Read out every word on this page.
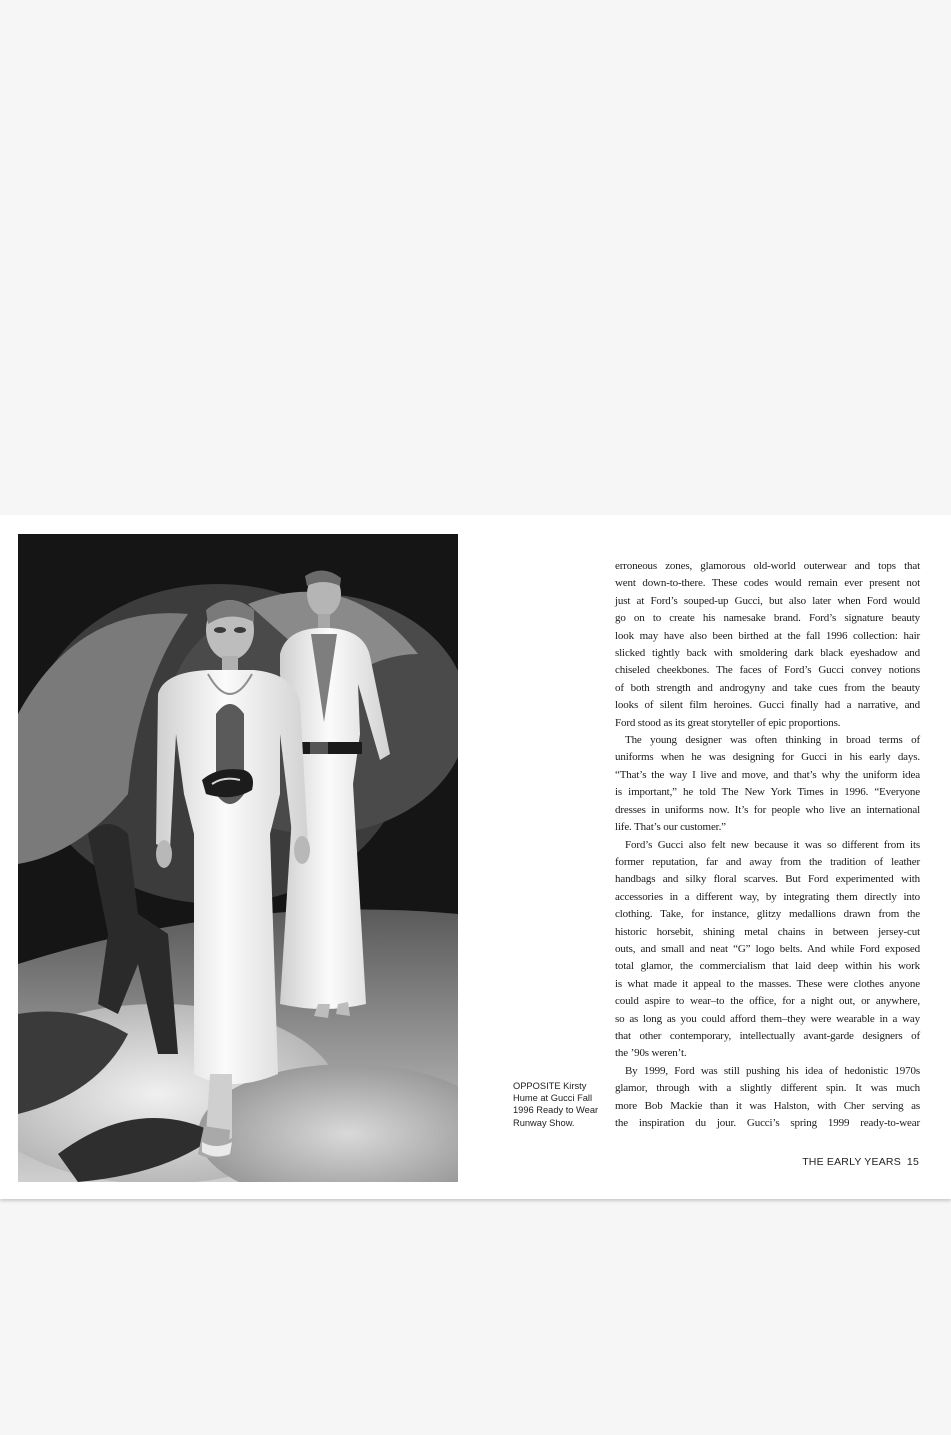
OPPOSITE Kirsty
Hume at Gucci Fall
1996 Ready to Wear
Runway Show.
erroneous zones, glamorous old-world outerwear and tops that
went down-to-there. These codes would remain ever present not
just at Ford’s souped-up Gucci, but also later when Ford would
go on to create his namesake brand. Ford’s signature beauty
look may have also been birthed at the fall 1996 collection: hair
slicked tightly back with smoldering dark black eyeshadow and
chiseled cheekbones. The faces of Ford’s Gucci convey notions
of both strength and androgyny and take cues from the beauty
looks of silent film heroines. Gucci finally had a narrative, and
Ford stood as its great storyteller of epic proportions.
The young designer was often thinking in broad terms of
uniforms when he was designing for Gucci in his early days.
“That’s the way I live and move, and that’s why the uniform idea
is important,” he told The New York Times in 1996. “Everyone
dresses in uniforms now. It’s for people who live an international
life. That’s our customer.”
Ford’s Gucci also felt new because it was so different from its
former reputation, far and away from the tradition of leather
handbags and silky floral scarves. But Ford experimented with
accessories in a different way, by integrating them directly into
clothing. Take, for instance, glitzy medallions drawn from the
historic horsebit, shining metal chains in between jersey-cut
outs, and small and neat “G” logo belts. And while Ford exposed
total glamor, the commercialism that laid deep within his work
is what made it appeal to the masses. These were clothes anyone
could aspire to wear–to the office, for a night out, or anywhere,
so as long as you could afford them–they were wearable in a way
that other contemporary, intellectually avant-garde designers of
the ’90s weren’t.
By 1999, Ford was still pushing his idea of hedonistic 1970s
glamor, through with a slightly different spin. It was much
more Bob Mackie than it was Halston, with Cher serving as
the inspiration du jour. Gucci’s spring 1999 ready-to-wear
THE EARLY YEARS 15
